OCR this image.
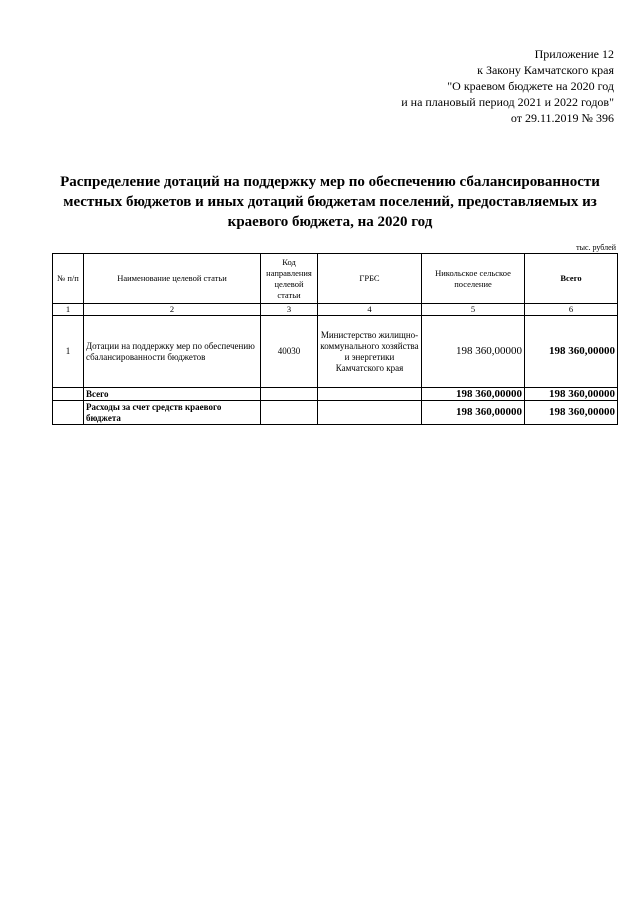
Приложение 12
к Закону Камчатского края
"О краевом бюджете на 2020 год
и на плановый период 2021 и 2022 годов"
от 29.11.2019 № 396
Распределение дотаций на поддержку мер по обеспечению сбалансированности
местных бюджетов и иных дотаций бюджетам поселений, предоставляемых из
краевого бюджета, на 2020 год
тыс. рублей
№ п/п	Наименование целевой статьи	Код направления целевой статьи	ГРБС	Никольское сельское поселение	Всего
1	2	3	4	5	6
1	Дотации на поддержку мер по обеспечению сбалансированности бюджетов	40030	Министерство жилищно-коммунального хозяйства и энергетики Камчатского края	198 360,00000	198 360,00000
	Всего			198 360,00000	198 360,00000
	Расходы за счет средств краевого бюджета			198 360,00000	198 360,00000
